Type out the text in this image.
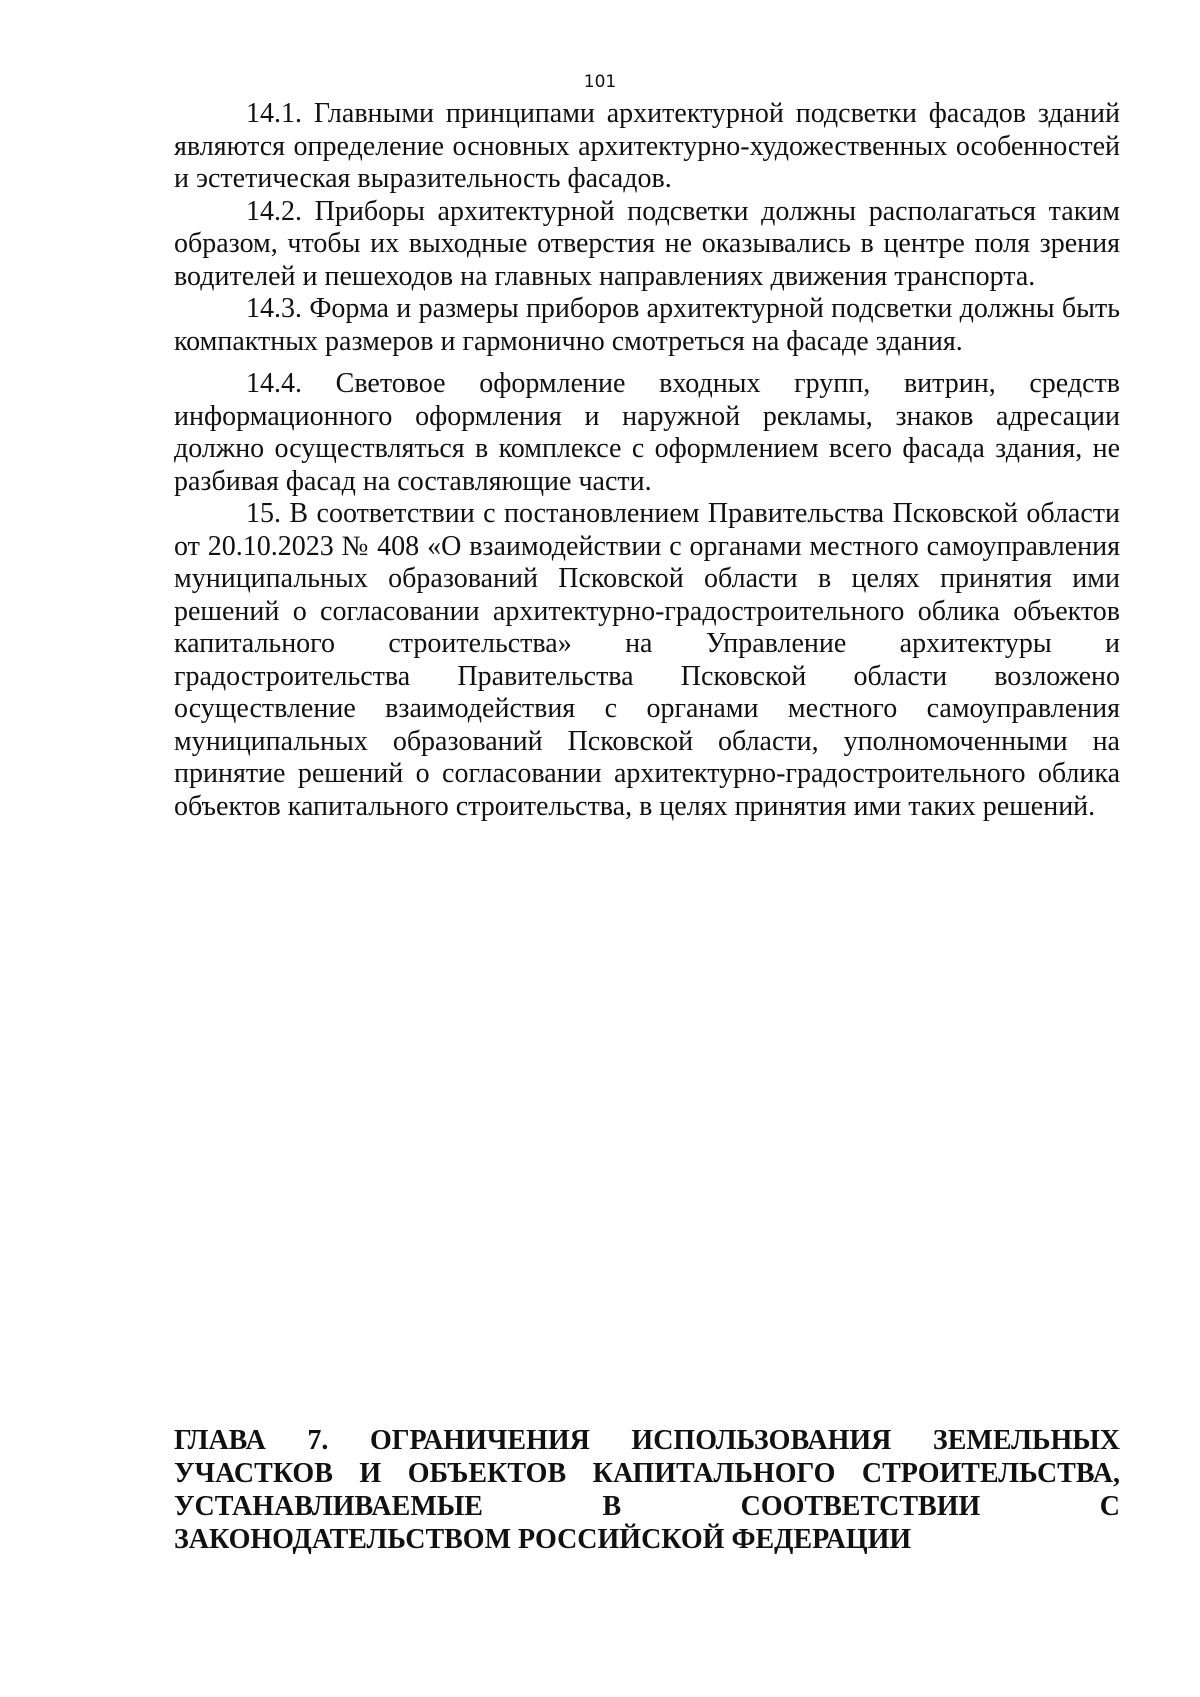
101

14.1. Главными принципами архитектурной подсветки фасадов зданий являются определение основных архитектурно-художественных особенностей и эстетическая выразительность фасадов.

14.2. Приборы архитектурной подсветки должны располагаться таким образом, чтобы их выходные отверстия не оказывались в центре поля зрения водителей и пешеходов на главных направлениях движения транспорта.

14.3. Форма и размеры приборов архитектурной подсветки должны быть компактных размеров и гармонично смотреться на фасаде здания.

14.4. Световое оформление входных групп, витрин, средств информационного оформления и наружной рекламы, знаков адресации должно осуществляться в комплексе с оформлением всего фасада здания, не разбивая фасад на составляющие части.

15. В соответствии с постановлением Правительства Псковской области от 20.10.2023 № 408 «О взаимодействии с органами местного самоуправления муниципальных образований Псковской области в целях принятия ими решений о согласовании архитектурно-градостроительного облика объектов капитального строительства» на Управление архитектуры и градостроительства Правительства Псковской области возложено осуществление взаимодействия с органами местного самоуправления муниципальных образований Псковской области, уполномоченными на принятие решений о согласовании архитектурно-градостроительного облика объектов капитального строительства, в целях принятия ими таких решений.

ГЛАВА 7. ОГРАНИЧЕНИЯ ИСПОЛЬЗОВАНИЯ ЗЕМЕЛЬНЫХ УЧАСТКОВ И ОБЪЕКТОВ КАПИТАЛЬНОГО СТРОИТЕЛЬСТВА, УСТАНАВЛИВАЕМЫЕ В СООТВЕТСТВИИ С ЗАКОНОДАТЕЛЬСТВОМ РОССИЙСКОЙ ФЕДЕРАЦИИ
